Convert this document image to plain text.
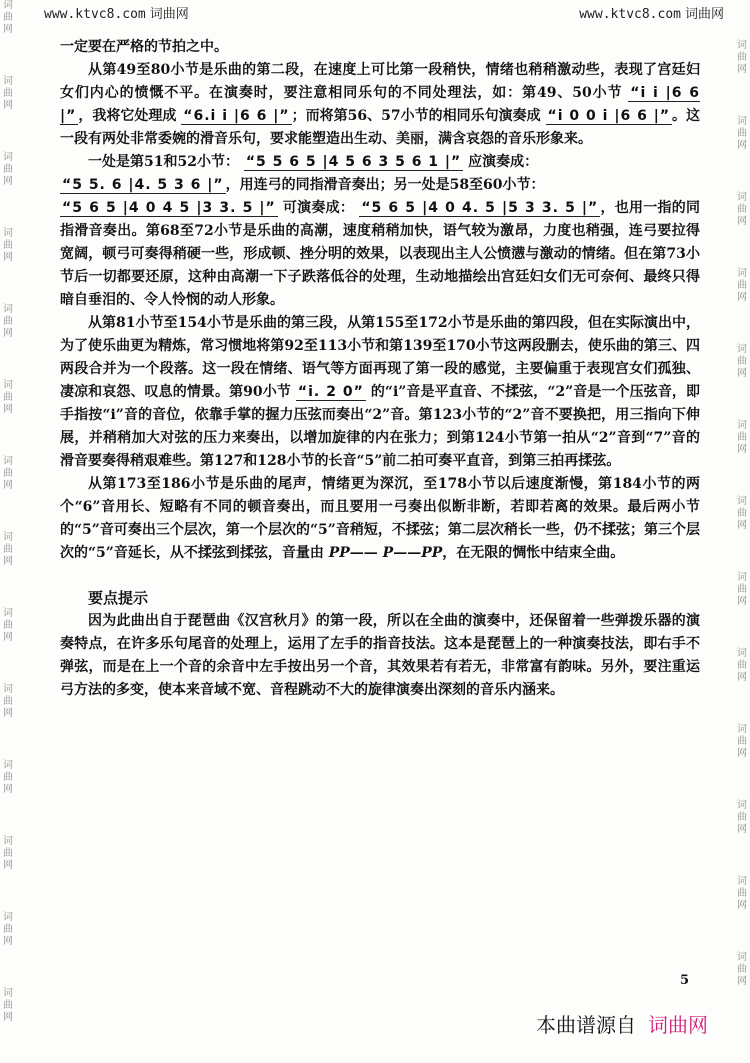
词曲网
词曲网
词曲网
词曲网
词曲网
词曲网
词曲网
词曲网
词曲网
词曲网
词曲网
词曲网
词曲网
词曲网
词曲网
词曲网
词曲网
词曲网
词曲网
词曲网
词曲网
词曲网
词曲网
词曲网
词曲网
词曲网
词曲网
www.ktvc8.com 词曲网	www.ktvc8.com 词曲网

一定要在严格的节拍之中。

从第49至80小节是乐曲的第二段，在速度上可比第一段稍快，情绪也稍稍激动些，表现了宫廷妇女们内心的愤慨不平。在演奏时，要注意相同乐句的不同处理法，如：第49、50小节 “i i |6 6 |” ，我将它处理成 “6.i i |6 6 |” ；而将第56、57小节的相同乐句演奏成 “i 0 0 i |6 6 |” 。这一段有两处非常委婉的滑音乐句，要求能塑造出生动、美丽，满含哀怨的音乐形象来。

一处是第51和52小节： “5 5 6 5 |4 5 6 3 5 6 1 |” 应演奏成：

“5 5. 6 |4. 5 3 6 |” ，用连弓的同指滑音奏出；另一处是58至60小节：

“5 6 5 |4 0 4 5 |3 3. 5 |” 可演奏成： “5 6 5 |4 0 4. 5 |5 3 3. 5 |” ，也用一指的同指滑音奏出。第68至72小节是乐曲的高潮，速度稍稍加快，语气较为激昂，力度也稍强，连弓要拉得宽阔，顿弓可奏得稍硬一些，形成顿、挫分明的效果，以表现出主人公愤懑与激动的情绪。但在第73小节后一切都要还原，这种由高潮一下子跌落低谷的处理，生动地描绘出宫廷妇女们无可奈何、最终只得暗自垂泪的、令人怜悯的动人形象。

从第81小节至154小节是乐曲的第三段，从第155至172小节是乐曲的第四段，但在实际演出中，为了使乐曲更为精炼，常习惯地将第92至113小节和第139至170小节这两段删去，使乐曲的第三、四两段合并为一个段落。这一段在情绪、语气等方面再现了第一段的感觉，主要偏重于表现宫女们孤独、凄凉和哀怨、叹息的情景。第90小节 “i. 2 0” 的“i”音是平直音、不揉弦，“2”音是一个压弦音，即手指按“i”音的音位，依靠手掌的握力压弦而奏出“2”音。第123小节的“2”音不要换把，用三指向下伸展，并稍稍加大对弦的压力来奏出，以增加旋律的内在张力；到第124小节第一拍从“2”音到“7”音的滑音要奏得稍艰难些。第127和128小节的长音“5”前二拍可奏平直音，到第三拍再揉弦。

从第173至186小节是乐曲的尾声，情绪更为深沉，至178小节以后速度渐慢，第184小节的两个“6”音用长、短略有不同的顿音奏出，而且要用一弓奏出似断非断，若即若离的效果。最后两小节的“5”音可奏出三个层次，第一个层次的“5”音稍短，不揉弦；第二层次稍长一些，仍不揉弦；第三个层次的“5”音延长，从不揉弦到揉弦，音量由 PP—— P——PP，在无限的惆怅中结束全曲。

要点提示

因为此曲出自于琵琶曲《汉宫秋月》的第一段，所以在全曲的演奏中，还保留着一些弹拨乐器的演奏特点，在许多乐句尾音的处理上，运用了左手的指音技法。这本是琵琶上的一种演奏技法，即右手不弹弦，而是在上一个音的余音中左手按出另一个音，其效果若有若无，非常富有韵味。另外，要注重运弓方法的多变，使本来音域不宽、音程跳动不大的旋律演奏出深刻的音乐内涵来。

5
本曲谱源自 词曲网
